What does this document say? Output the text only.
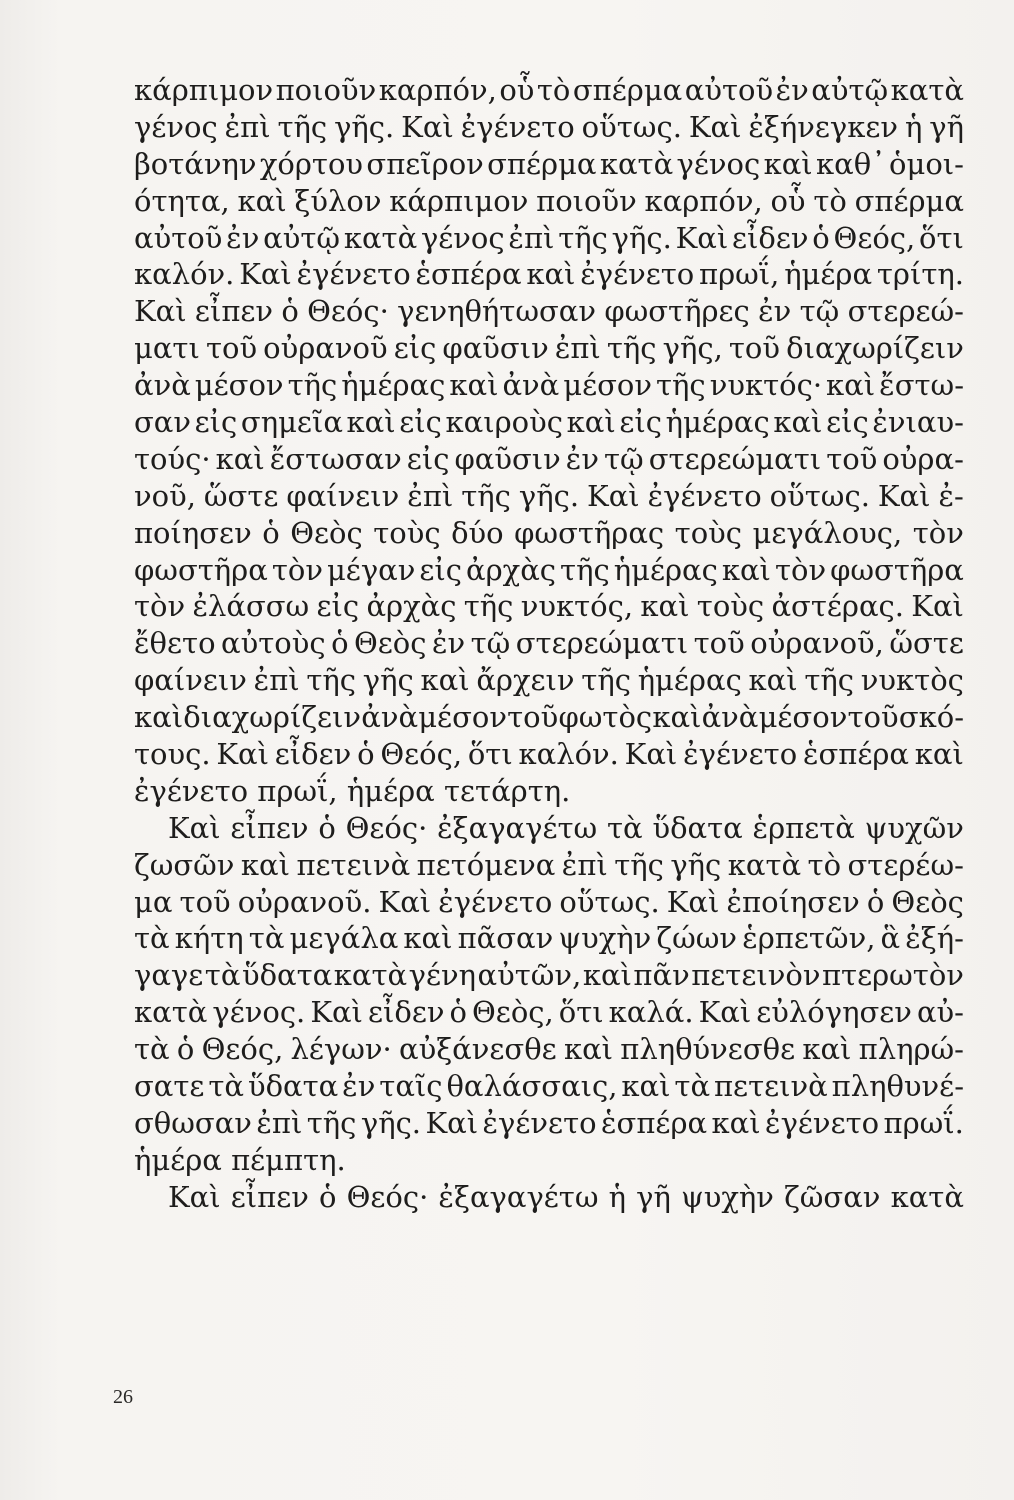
κάρπιμον ποιοῦν καρπόν, οὗ τὸ σπέρμα αὐτοῦ ἐν αὐτῷ κατὰ
γένος ἐπὶ τῆς γῆς. Καὶ ἐγένετο οὕτως. Καὶ ἐξήνεγκεν ἡ γῆ
βοτάνην χόρτου σπεῖρον σπέρμα κατὰ γένος καὶ καθ᾽ ὁμοι-
ότητα, καὶ ξύλον κάρπιμον ποιοῦν καρπόν, οὗ τὸ σπέρμα
αὐτοῦ ἐν αὐτῷ κατὰ γένος ἐπὶ τῆς γῆς. Καὶ εἶδεν ὁ Θεός, ὅτι
καλόν. Καὶ ἐγένετο ἑσπέρα καὶ ἐγένετο πρωΐ, ἡμέρα τρίτη.
Καὶ εἶπεν ὁ Θεός· γενηθήτωσαν φωστῆρες ἐν τῷ στερεώ-
ματι τοῦ οὐρανοῦ εἰς φαῦσιν ἐπὶ τῆς γῆς, τοῦ διαχωρίζειν
ἀνὰ μέσον τῆς ἡμέρας καὶ ἀνὰ μέσον τῆς νυκτός· καὶ ἔστω-
σαν εἰς σημεῖα καὶ εἰς καιροὺς καὶ εἰς ἡμέρας καὶ εἰς ἐνιαυ-
τούς· καὶ ἔστωσαν εἰς φαῦσιν ἐν τῷ στερεώματι τοῦ οὐρα-
νοῦ, ὥστε φαίνειν ἐπὶ τῆς γῆς. Καὶ ἐγένετο οὕτως. Καὶ ἐ-
ποίησεν ὁ Θεὸς τοὺς δύο φωστῆρας τοὺς μεγάλους, τὸν
φωστῆρα τὸν μέγαν εἰς ἀρχὰς τῆς ἡμέρας καὶ τὸν φωστῆρα
τὸν ἐλάσσω εἰς ἀρχὰς τῆς νυκτός, καὶ τοὺς ἀστέρας. Καὶ
ἔθετο αὐτοὺς ὁ Θεὸς ἐν τῷ στερεώματι τοῦ οὐρανοῦ, ὥστε
φαίνειν ἐπὶ τῆς γῆς καὶ ἄρχειν τῆς ἡμέρας καὶ τῆς νυκτὸς
καὶ διαχωρίζειν ἀνὰ μέσον τοῦ φωτὸς καὶ ἀνὰ μέσον τοῦ σκό-
τους. Καὶ εἶδεν ὁ Θεός, ὅτι καλόν. Καὶ ἐγένετο ἑσπέρα καὶ
ἐγένετο πρωΐ, ἡμέρα τετάρτη.
Καὶ εἶπεν ὁ Θεός· ἐξαγαγέτω τὰ ὕδατα ἑρπετὰ ψυχῶν
ζωσῶν καὶ πετεινὰ πετόμενα ἐπὶ τῆς γῆς κατὰ τὸ στερέω-
μα τοῦ οὐρανοῦ. Καὶ ἐγένετο οὕτως. Καὶ ἐποίησεν ὁ Θεὸς
τὰ κήτη τὰ μεγάλα καὶ πᾶσαν ψυχὴν ζώων ἑρπετῶν, ἃ ἐξή-
γαγε τὰ ὕδατα κατὰ γένη αὐτῶν, καὶ πᾶν πετεινὸν πτερωτὸν
κατὰ γένος. Καὶ εἶδεν ὁ Θεὸς, ὅτι καλά. Καὶ εὐλόγησεν αὐ-
τὰ ὁ Θεός, λέγων· αὐξάνεσθε καὶ πληθύνεσθε καὶ πληρώ-
σατε τὰ ὕδατα ἐν ταῖς θαλάσσαις, καὶ τὰ πετεινὰ πληθυνέ-
σθωσαν ἐπὶ τῆς γῆς. Καὶ ἐγένετο ἑσπέρα καὶ ἐγένετο πρωΐ.
ἡμέρα πέμπτη.
Καὶ εἶπεν ὁ Θεός· ἐξαγαγέτω ἡ γῆ ψυχὴν ζῶσαν κατὰ
26
